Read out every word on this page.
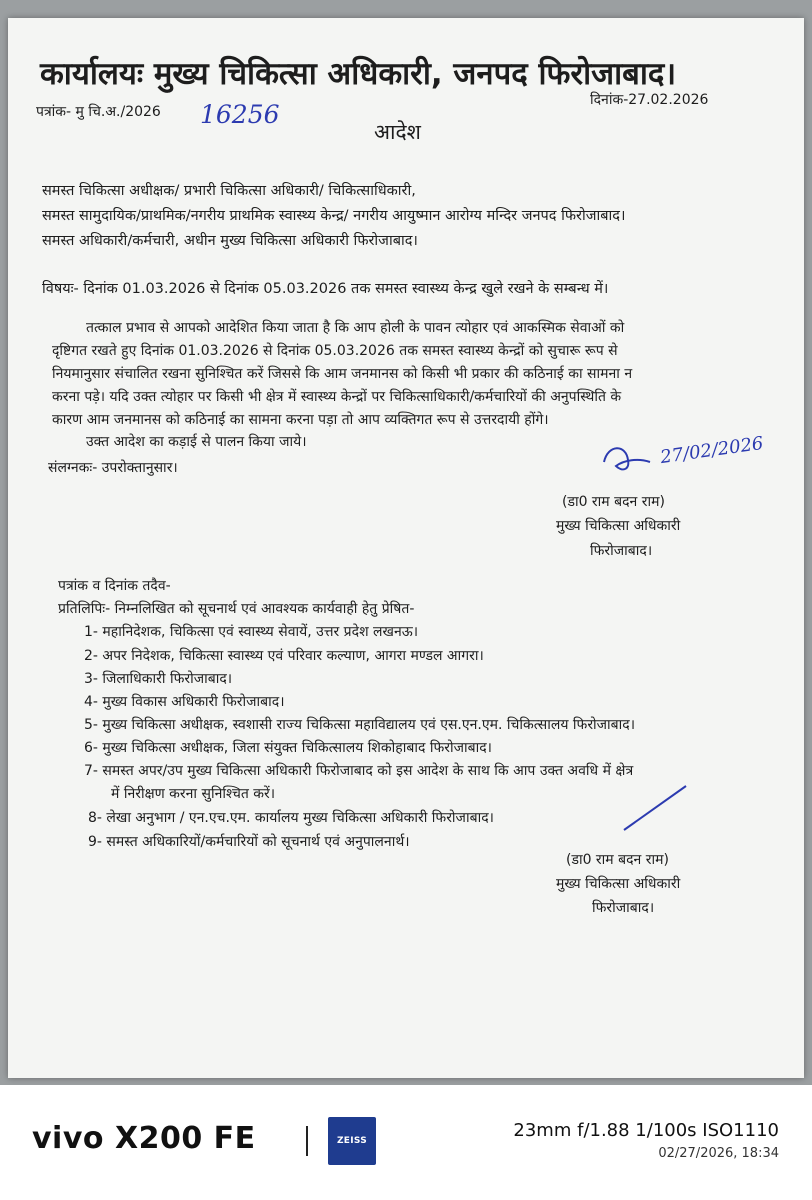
कार्यालयः मुख्य चिकित्सा अधिकारी, जनपद फिरोजाबाद।
पत्रांक- मु चि.अ./2026 16256	दिनांक-27.02.2026
आदेश
समस्त चिकित्सा अधीक्षक/ प्रभारी चिकित्सा अधिकारी/ चिकित्साधिकारी,
समस्त सामुदायिक/प्राथमिक/नगरीय प्राथमिक स्वास्थ्य केन्द्र/ नगरीय आयुष्मान आरोग्य मन्दिर जनपद फिरोजाबाद।
समस्त अधिकारी/कर्मचारी, अधीन मुख्य चिकित्सा अधिकारी फिरोजाबाद।
विषयः- दिनांक 01.03.2026 से दिनांक 05.03.2026 तक समस्त स्वास्थ्य केन्द्र खुले रखने के सम्बन्ध में।
तत्काल प्रभाव से आपको आदेशित किया जाता है कि आप होली के पावन त्योहार एवं आकस्मिक सेवाओं को
दृष्टिगत रखते हुए दिनांक 01.03.2026 से दिनांक 05.03.2026 तक समस्त स्वास्थ्य केन्द्रों को सुचारू रूप से
नियमानुसार संचालित रखना सुनिश्चित करें जिससे कि आम जनमानस को किसी भी प्रकार की कठिनाई का सामना न
करना पड़े। यदि उक्त त्योहार पर किसी भी क्षेत्र में स्वास्थ्य केन्द्रों पर चिकित्साधिकारी/कर्मचारियों की अनुपस्थिति के
कारण आम जनमानस को कठिनाई का सामना करना पड़ा तो आप व्यक्तिगत रूप से उत्तरदायी होंगे।
उक्त आदेश का कड़ाई से पालन किया जाये।
संलग्नकः- उपरोक्तानुसार।	27/02/2026
(डा0 राम बदन राम)
मुख्य चिकित्सा अधिकारी
फिरोजाबाद।
पत्रांक व दिनांक तदैव-
प्रतिलिपिः- निम्नलिखित को सूचनार्थ एवं आवश्यक कार्यवाही हेतु प्रेषित-
1- महानिदेशक, चिकित्सा एवं स्वास्थ्य सेवायें, उत्तर प्रदेश लखनऊ।
2- अपर निदेशक, चिकित्सा स्वास्थ्य एवं परिवार कल्याण, आगरा मण्डल आगरा।
3- जिलाधिकारी फिरोजाबाद।
4- मुख्य विकास अधिकारी फिरोजाबाद।
5- मुख्य चिकित्सा अधीक्षक, स्वशासी राज्य चिकित्सा महाविद्यालय एवं एस.एन.एम. चिकित्सालय फिरोजाबाद।
6- मुख्य चिकित्सा अधीक्षक, जिला संयुक्त चिकित्सालय शिकोहाबाद फिरोजाबाद।
7- समस्त अपर/उप मुख्य चिकित्सा अधिकारी फिरोजाबाद को इस आदेश के साथ कि आप उक्त अवधि में क्षेत्र
में निरीक्षण करना सुनिश्चित करें।
8- लेखा अनुभाग / एन.एच.एम. कार्यालय मुख्य चिकित्सा अधिकारी फिरोजाबाद।
9- समस्त अधिकारियों/कर्मचारियों को सूचनार्थ एवं अनुपालनार्थ।
(डा0 राम बदन राम)
मुख्य चिकित्सा अधिकारी
फिरोजाबाद।
vivo X200 FE	ZEISS	23mm f/1.88 1/100s ISO1110
02/27/2026, 18:34
